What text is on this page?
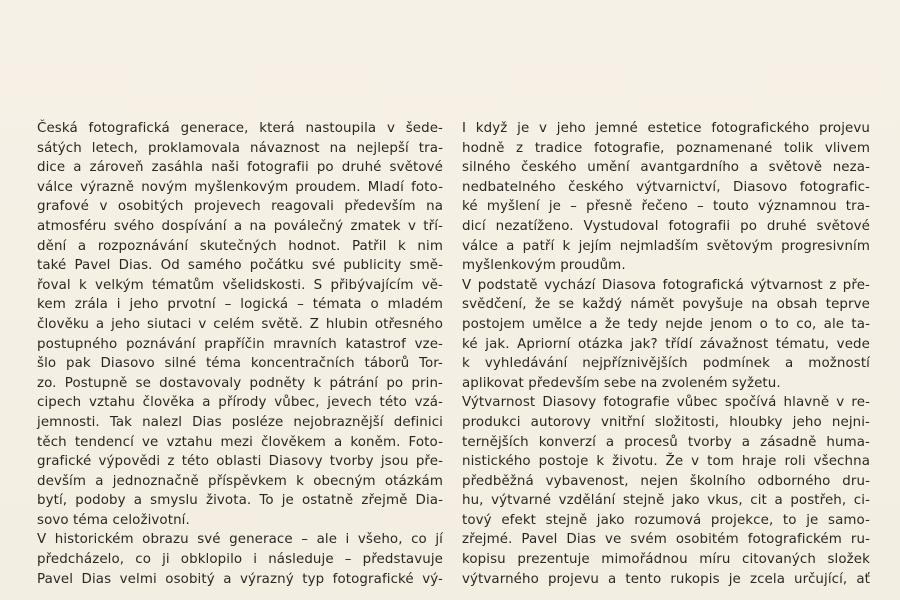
Česká fotografická generace, která nastoupila v šede-
sátých letech, proklamovala návaznost na nejlepší tra-
dice a zároveň zasáhla naši fotografii po druhé světové
válce výrazně novým myšlenkovým proudem. Mladí foto-
grafové v osobitých projevech reagovali především na
atmosféru svého dospívání a na poválečný zmatek v tří-
dění a rozpoznávání skutečných hodnot. Patřil k nim
také Pavel Dias. Od samého počátku své publicity smě-
řoval k velkým tématům všelidskosti. S přibývajícím vě-
kem zrála i jeho prvotní – logická – témata o mladém
člověku a jeho siutaci v celém světě. Z hlubin otřesného
postupného poznávání prapříčin mravních katastrof vze-
šlo pak Diasovo silné téma koncentračních táborů Tor-
zo. Postupně se dostavovaly podněty k pátrání po prin-
cipech vztahu člověka a přírody vůbec, jevech této vzá-
jemnosti. Tak nalezl Dias posléze nejobraznější definici
těch tendencí ve vztahu mezi člověkem a koněm. Foto-
grafické výpovědi z této oblasti Diasovy tvorby jsou pře-
devším a jednoznačně příspěvkem k obecným otázkám
bytí, podoby a smyslu života. To je ostatně zřejmě Dia-
sovo téma celoživotní.
V historickém obrazu své generace – ale i všeho, co jí
předcházelo, co ji obklopilo i následuje – představuje
Pavel Dias velmi osobitý a výrazný typ fotografické vý-
I když je v jeho jemné estetice fotografického projevu
hodně z tradice fotografie, poznamenané tolik vlivem
silného českého umění avantgardního a světově neza-
nedbatelného českého výtvarnictví, Diasovo fotografic-
ké myšlení je – přesně řečeno – touto významnou tra-
dicí nezatíženo. Vystudoval fotografii po druhé světové
válce a patří k jejím nejmladším světovým progresivním
myšlenkovým proudům.
V podstatě vychází Diasova fotografická výtvarnost z pře-
svědčení, že se každý námět povyšuje na obsah teprve
postojem umělce a že tedy nejde jenom o to co, ale ta-
ké jak. Apriorní otázka jak? třídí závažnost tématu, vede
k vyhledávání nejpříznivějších podmínek a možností
aplikovat především sebe na zvoleném syžetu.
Výtvarnost Diasovy fotografie vůbec spočívá hlavně v re-
produkci autorovy vnitřní složitosti, hloubky jeho nejni-
ternějších konverzí a procesů tvorby a zásadně huma-
nistického postoje k životu. Že v tom hraje roli všechna
předběžná vybavenost, nejen školního odborného dru-
hu, výtvarné vzdělání stejně jako vkus, cit a postřeh, ci-
tový efekt stejně jako rozumová projekce, to je samo-
zřejmé. Pavel Dias ve svém osobitém fotografickém ru-
kopisu prezentuje mimořádnou míru citovaných složek
výtvarného projevu a tento rukopis je zcela určující, ať
